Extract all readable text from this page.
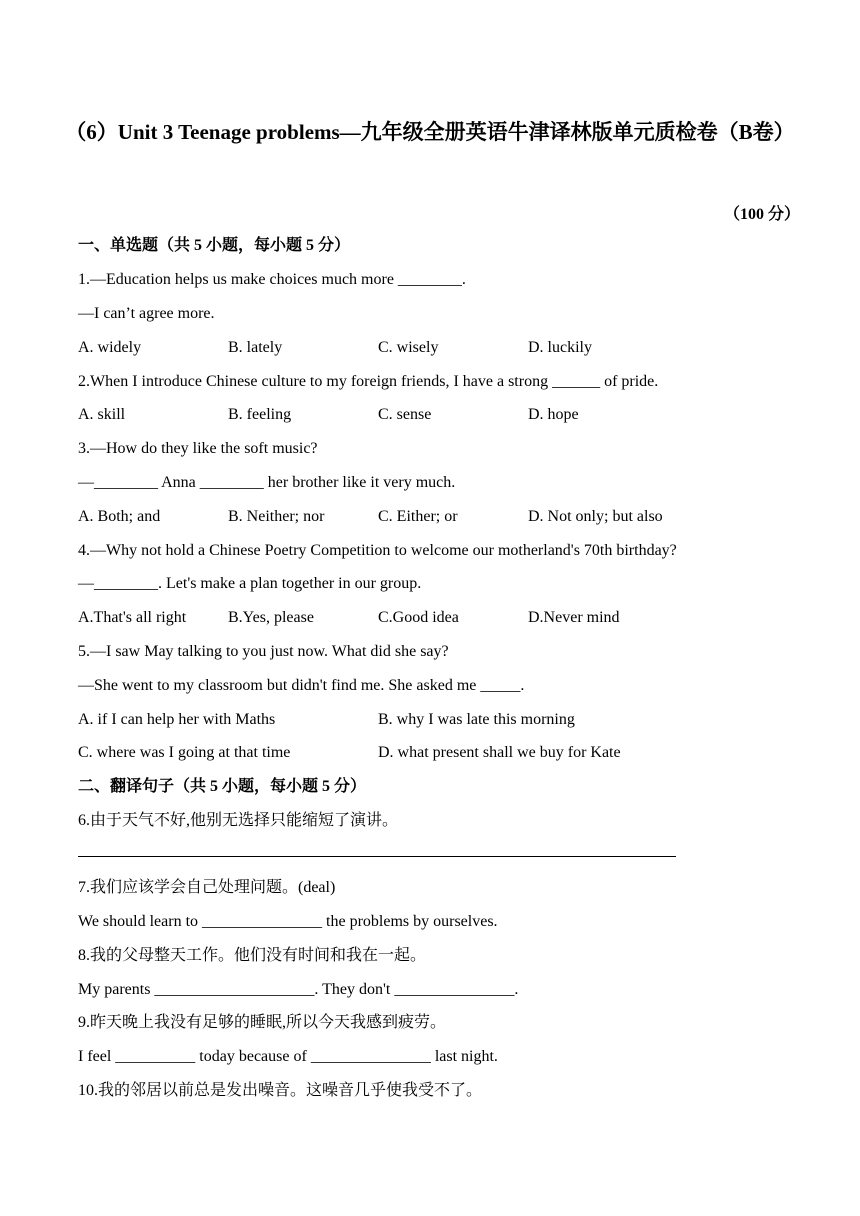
（6）Unit 3 Teenage problems—九年级全册英语牛津译林版单元质检卷（B卷）
（100 分）
一、单选题（共 5 小题，每小题 5 分）
1.—Education helps us make choices much more ________.
—I can’t agree more.
A. widely	B. lately	C. wisely	D. luckily
2.When I introduce Chinese culture to my foreign friends, I have a strong ______ of pride.
A. skill	B. feeling	C. sense	D. hope
3.—How do they like the soft music?
—________ Anna ________ her brother like it very much.
A. Both; and	B. Neither; nor	C. Either; or	D. Not only; but also
4.—Why not hold a Chinese Poetry Competition to welcome our motherland's 70th birthday?
—________. Let's make a plan together in our group.
A.That's all right	B.Yes, please	C.Good idea	D.Never mind
5.—I saw May talking to you just now. What did she say?
—She went to my classroom but didn't find me. She asked me _____.
A. if I can help her with Maths	B. why I was late this morning
C. where was I going at that time	D. what present shall we buy for Kate
二、翻译句子（共 5 小题，每小题 5 分）
6.由于天气不好,他别无选择只能缩短了演讲。
7.我们应该学会自己处理问题。(deal)
We should learn to _______________ the problems by ourselves.
8.我的父母整天工作。他们没有时间和我在一起。
My parents ____________________. They don't _______________.
9.昨天晚上我没有足够的睡眠,所以今天我感到疲劳。
I feel __________ today because of _______________ last night.
10.我的邻居以前总是发出噪音。这噪音几乎使我受不了。
